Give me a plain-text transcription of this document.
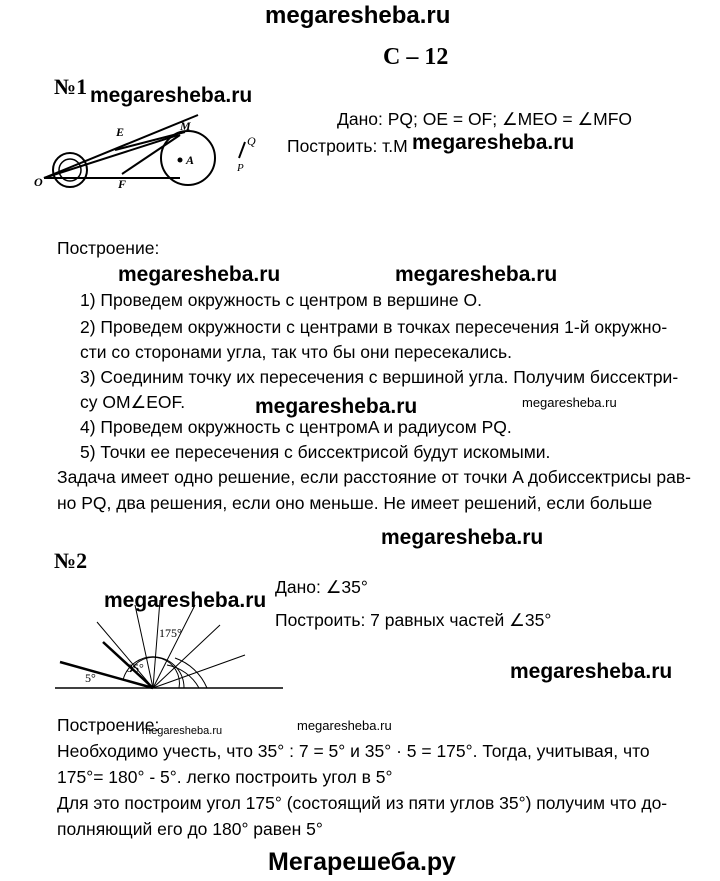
megaresheba.ru
С – 12
№1 megaresheba.ru
Дано: PQ; OE = OF; ∠MEO = ∠MFO
Построить: т.M megaresheba.ru
E	M
O	F
A
Q
P
Построение:
megaresheba.ru	megaresheba.ru
1) Проведем окружность с центром в вершине O.
2) Проведем окружности с центрами в точках пересечения 1-й окружно-
сти со сторонами угла, так что бы они пересекались.
3) Соединим точку их пересечения с вершиной угла. Получим биссектри-
су OM∠EOF.	megaresheba.ru	megaresheba.ru
4) Проведем окружность с центромA и радиусом PQ.
5) Точки ее пересечения с биссектрисой будут искомыми.
Задача имеет одно решение, если расстояние от точки A добиссектрисы рав-
но PQ, два решения, если оно меньше. Не имеет решений, если больше
megaresheba.ru
№2
Дано: ∠35°
Построить: 7 равных частей ∠35°
megaresheba.ru
megaresheba.ru
175°
35°
5°
Построение:
megaresheba.ru	megaresheba.ru
Необходимо учесть, что 35° : 7 = 5° и 35° · 5 = 175°. Тогда, учитывая, что
175°= 180° - 5°. легко построить угол в 5°
Для это построим угол 175° (состоящий из пяти углов 35°) получим что до-
полняющий его до 180° равен 5°
Мегарешеба.ру
